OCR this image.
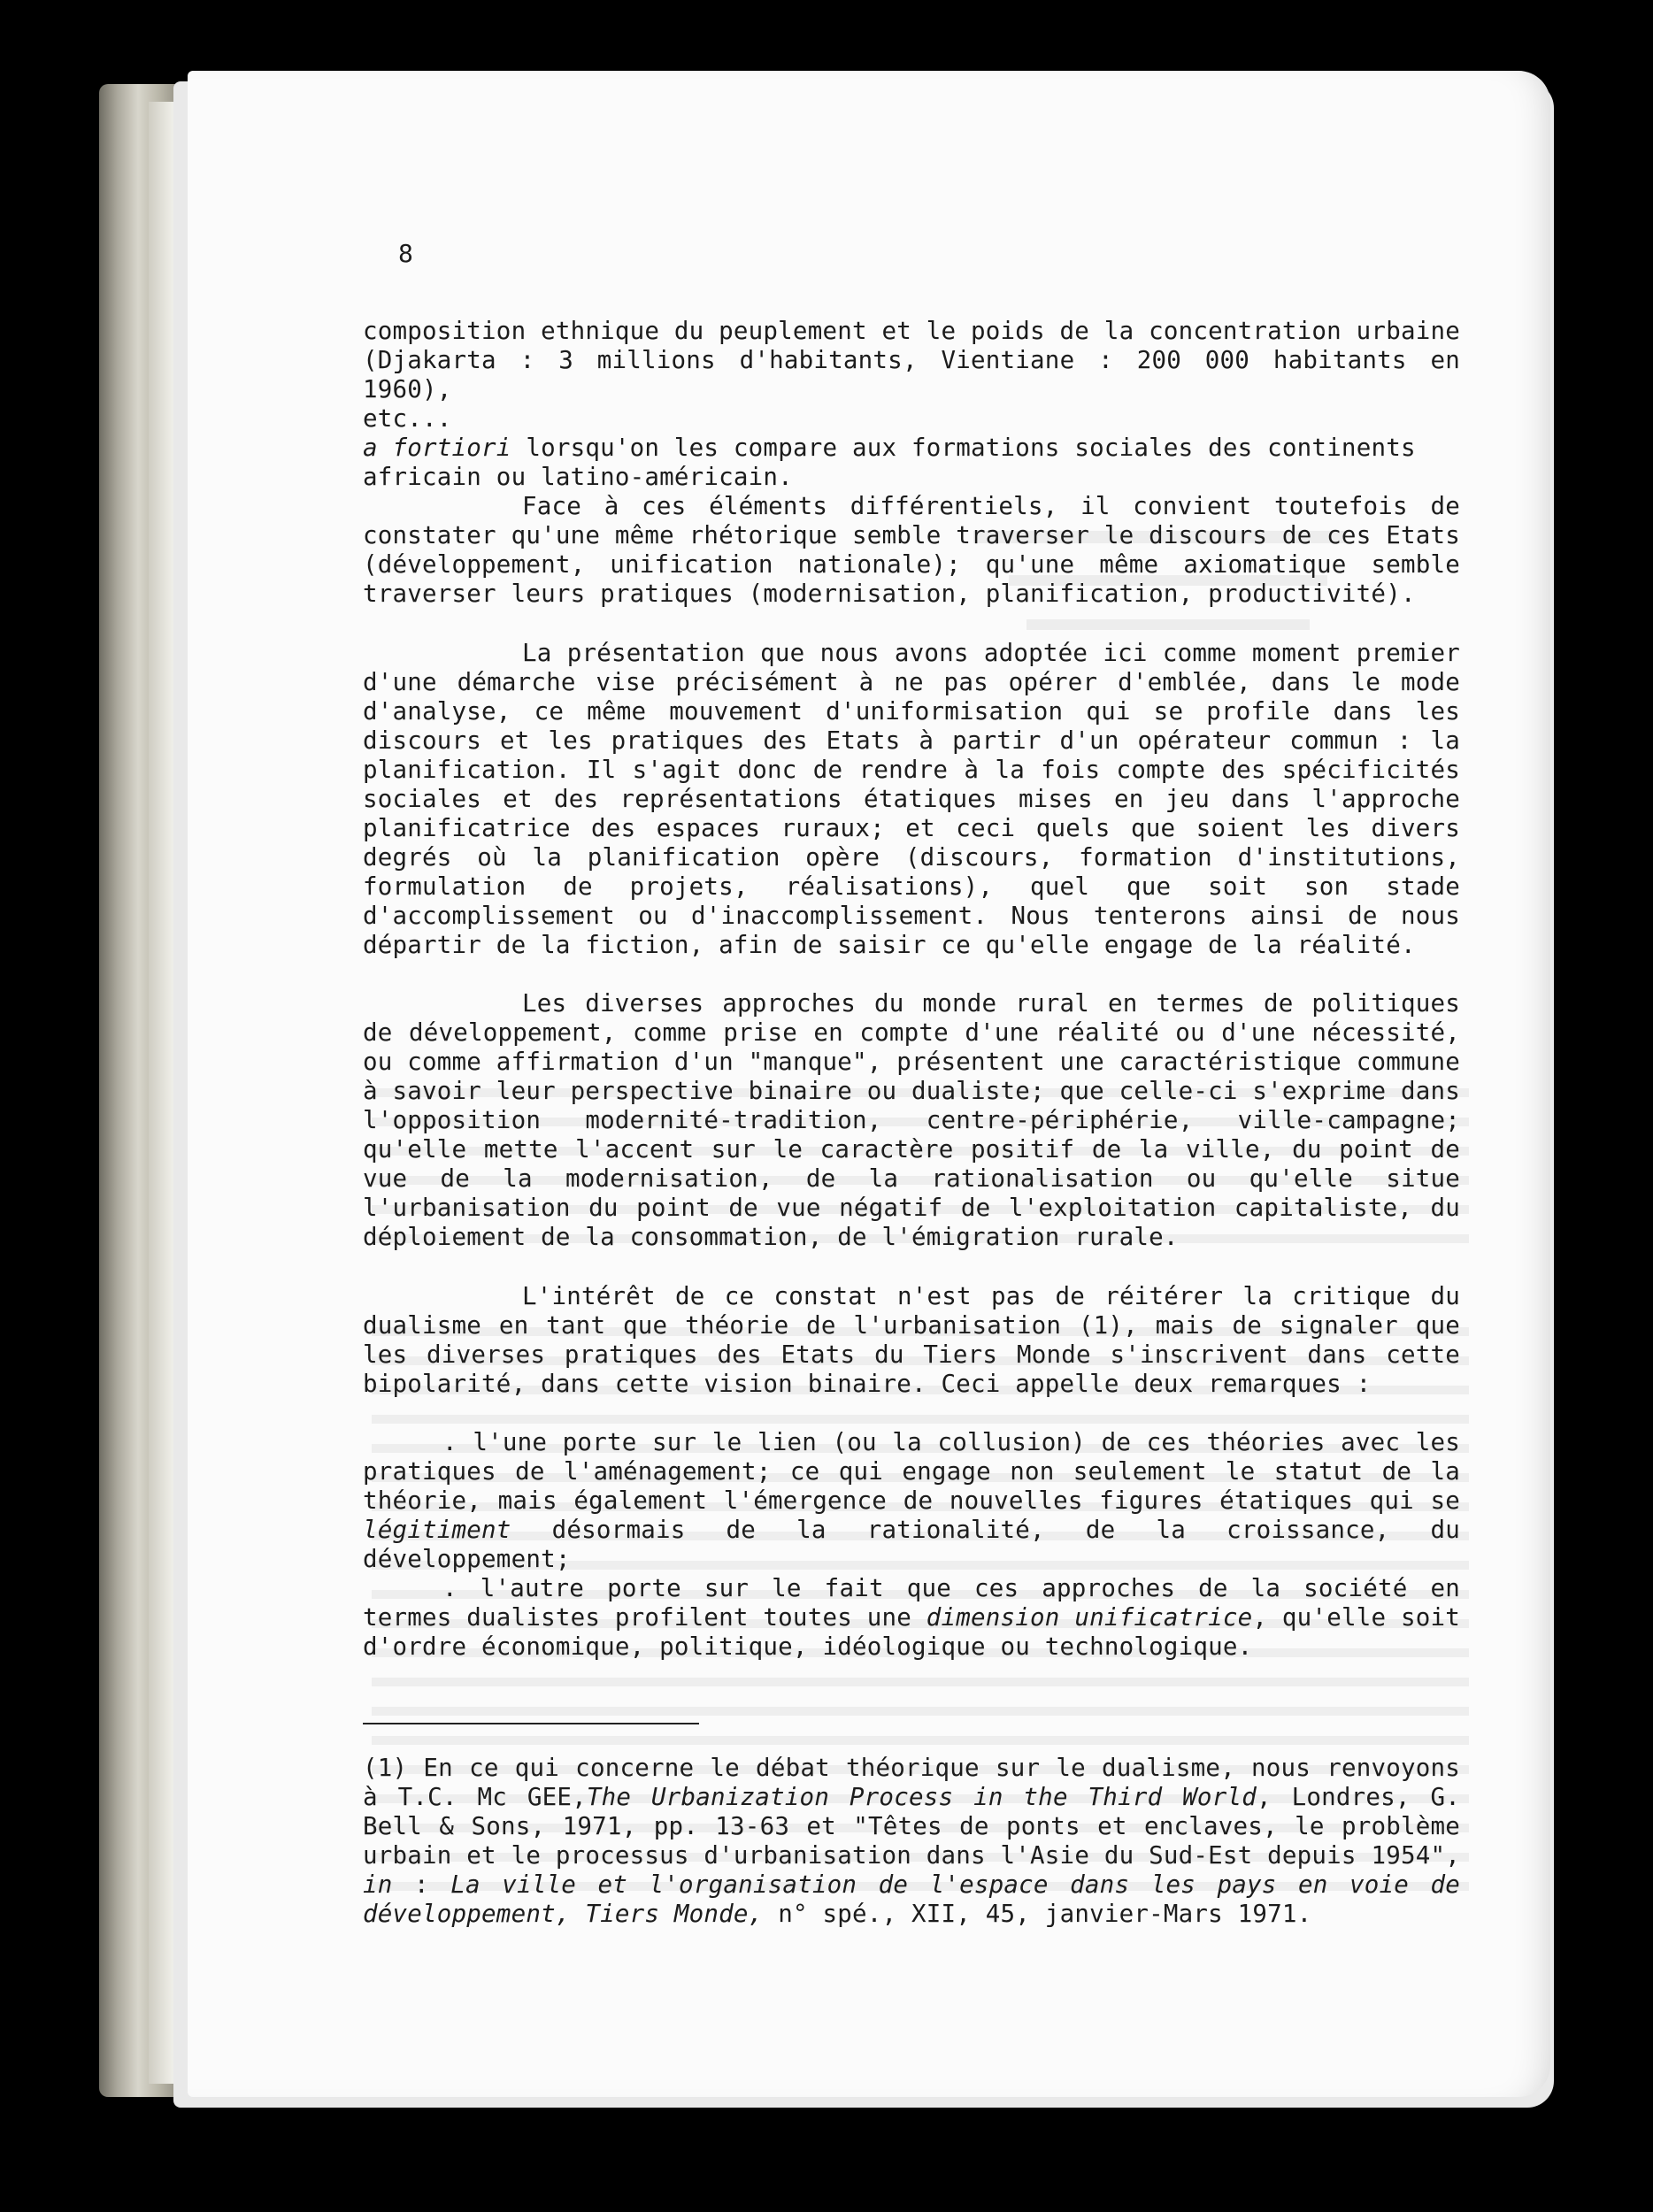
8

composition ethnique du peuplement et le poids de la concentration urbaine

(Djakarta : 3 millions d'habitants, Vientiane : 200 000 habitants en 1960),

etc...

a fortiori lorsqu'on les compare aux formations sociales des continents

africain ou latino-américain.

Face à ces éléments différentiels, il convient toutefois de constater qu'une même rhétorique semble traverser le discours de ces Etats (développement, unification nationale); qu'une même axiomatique semble traverser leurs pratiques (modernisation, planification, productivité).

La présentation que nous avons adoptée ici comme moment premier d'une démarche vise précisément à ne pas opérer d'emblée, dans le mode d'analyse, ce même mouvement d'uniformisation qui se profile dans les discours et les pratiques des Etats à partir d'un opérateur commun : la planification. Il s'agit donc de rendre à la fois compte des spécificités sociales et des représentations étatiques mises en jeu dans l'approche planificatrice des espaces ruraux; et ceci quels que soient les divers degrés où la planification opère (discours, formation d'institutions, formulation de projets, réalisations), quel que soit son stade d'accomplissement ou d'inaccomplissement. Nous tenterons ainsi de nous départir de la fiction, afin de saisir ce qu'elle engage de la réalité.

Les diverses approches du monde rural en termes de politiques de développement, comme prise en compte d'une réalité ou d'une nécessité, ou comme affirmation d'un "manque", présentent une caractéristique commune à savoir leur perspective binaire ou dualiste; que celle-ci s'exprime dans l'opposition modernité-tradition, centre-périphérie, ville-campagne; qu'elle mette l'accent sur le caractère positif de la ville, du point de vue de la modernisation, de la rationalisation ou qu'elle situe l'urbanisation du point de vue négatif de l'exploitation capitaliste, du déploiement de la consommation, de l'émigration rurale.

L'intérêt de ce constat n'est pas de réitérer la critique du dualisme en tant que théorie de l'urbanisation (1), mais de signaler que les diverses pratiques des Etats du Tiers Monde s'inscrivent dans cette bipolarité, dans cette vision binaire. Ceci appelle deux remarques :

. l'une porte sur le lien (ou la collusion) de ces théories avec les pratiques de l'aménagement; ce qui engage non seulement le statut de la théorie, mais également l'émergence de nouvelles figures étatiques qui se légitiment désormais de la rationalité, de la croissance, du développement;

. l'autre porte sur le fait que ces approches de la société en termes dualistes profilent toutes une dimension unificatrice, qu'elle soit d'ordre économique, politique, idéologique ou technologique.

(1) En ce qui concerne le débat théorique sur le dualisme, nous renvoyons à T.C. Mc GEE,The Urbanization Process in the Third World, Londres, G. Bell & Sons, 1971, pp. 13-63 et "Têtes de ponts et enclaves, le problème urbain et le processus d'urbanisation dans l'Asie du Sud-Est depuis 1954", in : La ville et l'organisation de l'espace dans les pays en voie de développement, Tiers Monde, n° spé., XII, 45, janvier-Mars 1971.
